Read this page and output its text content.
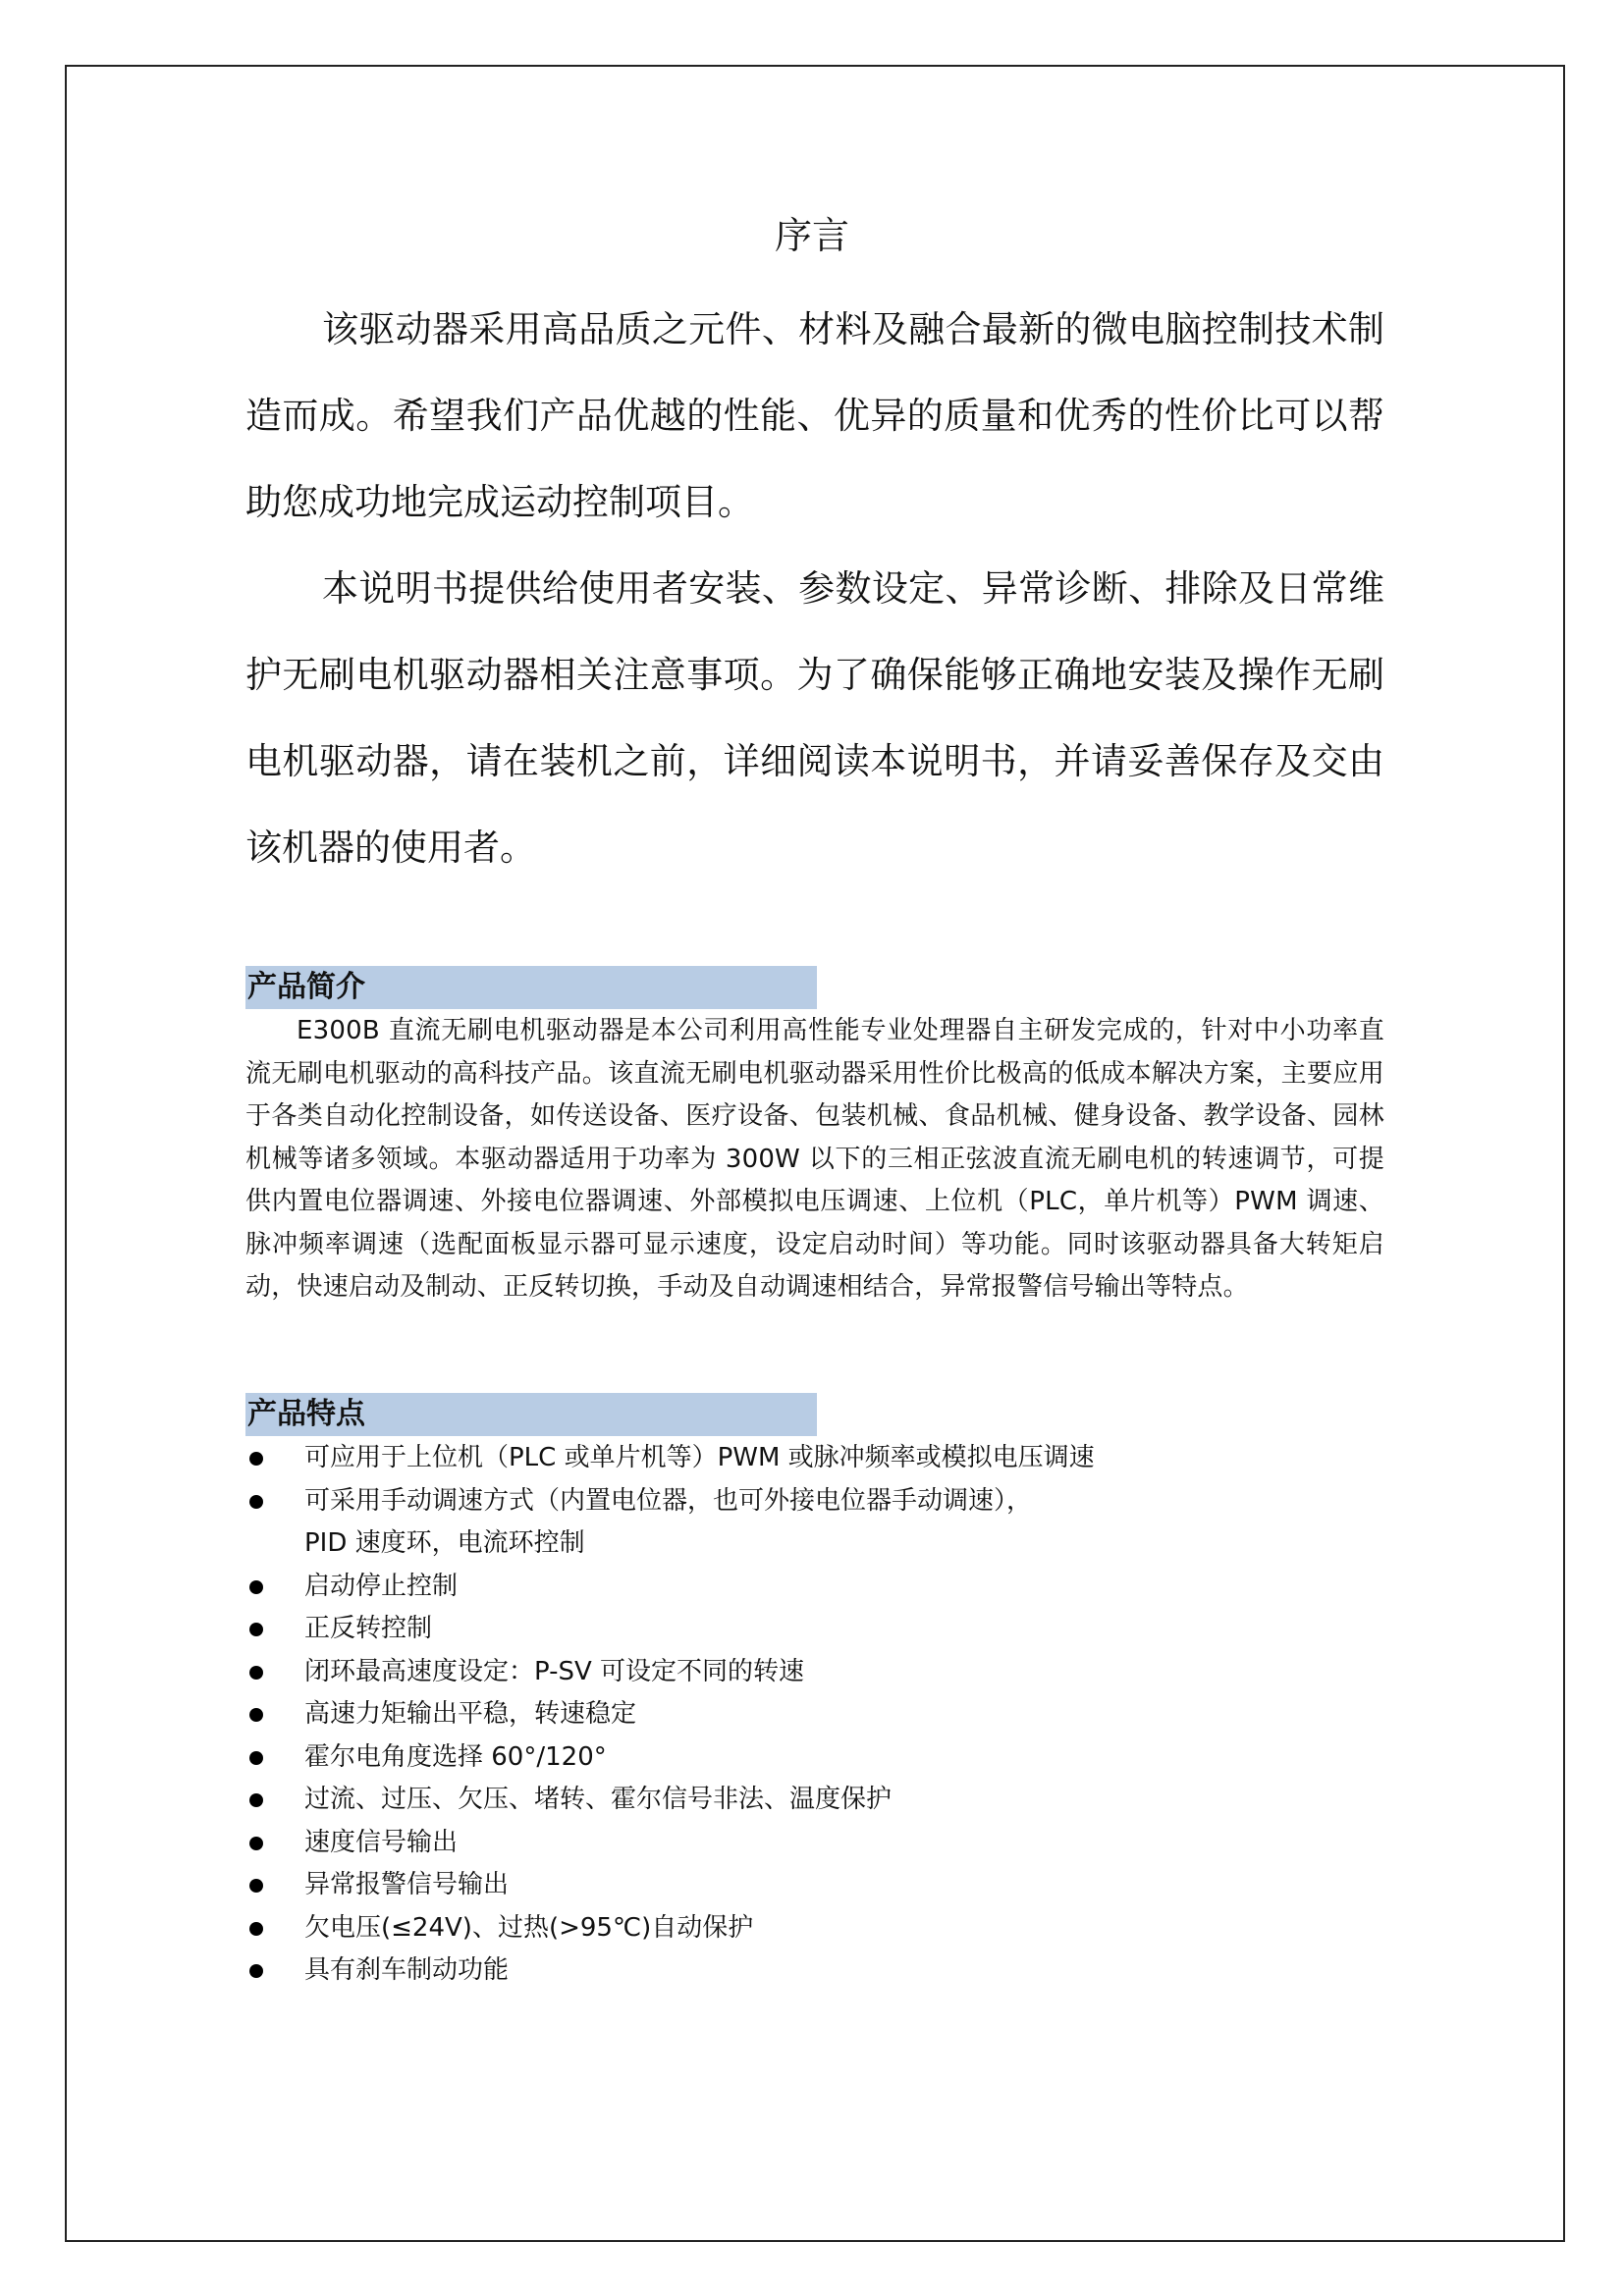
序言

该驱动器采用高品质之元件、材料及融合最新的微电脑控制技术制造而成。希望我们产品优越的性能、优异的质量和优秀的性价比可以帮助您成功地完成运动控制项目。

本说明书提供给使用者安装、参数设定、异常诊断、排除及日常维护无刷电机驱动器相关注意事项。为了确保能够正确地安装及操作无刷电机驱动器，请在装机之前，详细阅读本说明书，并请妥善保存及交由该机器的使用者。

产品简介

E300B 直流无刷电机驱动器是本公司利用高性能专业处理器自主研发完成的，针对中小功率直流无刷电机驱动的高科技产品。该直流无刷电机驱动器采用性价比极高的低成本解决方案，主要应用于各类自动化控制设备，如传送设备、医疗设备、包装机械、食品机械、健身设备、教学设备、园林机械等诸多领域。本驱动器适用于功率为 300W 以下的三相正弦波直流无刷电机的转速调节，可提供内置电位器调速、外接电位器调速、外部模拟电压调速、上位机（PLC，单片机等）PWM 调速、脉冲频率调速（选配面板显示器可显示速度，设定启动时间）等功能。同时该驱动器具备大转矩启动，快速启动及制动、正反转切换，手动及自动调速相结合，异常报警信号输出等特点。

产品特点
可应用于上位机（PLC 或单片机等）PWM 或脉冲频率或模拟电压调速
可采用手动调速方式（内置电位器，也可外接电位器手动调速），
PID 速度环，电流环控制
启动停止控制
正反转控制
闭环最高速度设定：P-SV 可设定不同的转速
高速力矩输出平稳，转速稳定
霍尔电角度选择 60°/120°
过流、过压、欠压、堵转、霍尔信号非法、温度保护
速度信号输出
异常报警信号输出
欠电压(≤24V)、过热(>95℃)自动保护
具有刹车制动功能
